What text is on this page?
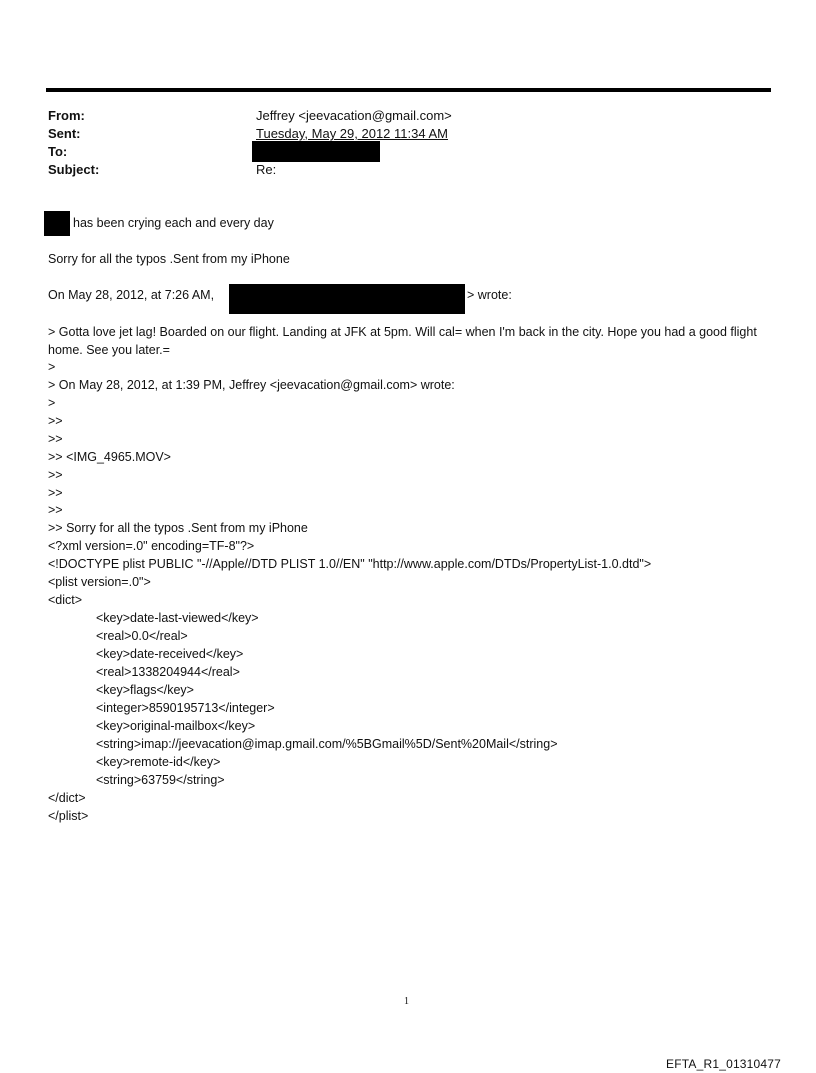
From:	Jeffrey <jeevacation@gmail.com>
Sent:	Tuesday, May 29, 2012 11:34 AM
To:
Subject:	Re:
has been crying each and every day
Sorry for all the typos .Sent from my iPhone
On May 28, 2012, at 7:26 AM,	> wrote:
> Gotta love jet lag! Boarded on our flight. Landing at JFK at 5pm. Will cal= when I'm back in the city. Hope you had a good flight home. See you later.=
>
> On May 28, 2012, at 1:39 PM, Jeffrey <jeevacation@gmail.com> wrote:
>
>>
>>
>> <IMG_4965.MOV>
>>
>>
>>
>> Sorry for all the typos .Sent from my iPhone
<?xml version=.0" encoding=TF-8"?>
<!DOCTYPE plist PUBLIC "-//Apple//DTD PLIST 1.0//EN" "http://www.apple.com/DTDs/PropertyList-1.0.dtd">
<plist version=.0">
<dict>
<key>date-last-viewed</key>
<real>0.0</real>
<key>date-received</key>
<real>1338204944</real>
<key>flags</key>
<integer>8590195713</integer>
<key>original-mailbox</key>
<string>imap://jeevacation@imap.gmail.com/%5BGmail%5D/Sent%20Mail</string>
<key>remote-id</key>
<string>63759</string>
</dict>
</plist>
1
EFTA_R1_01310477
